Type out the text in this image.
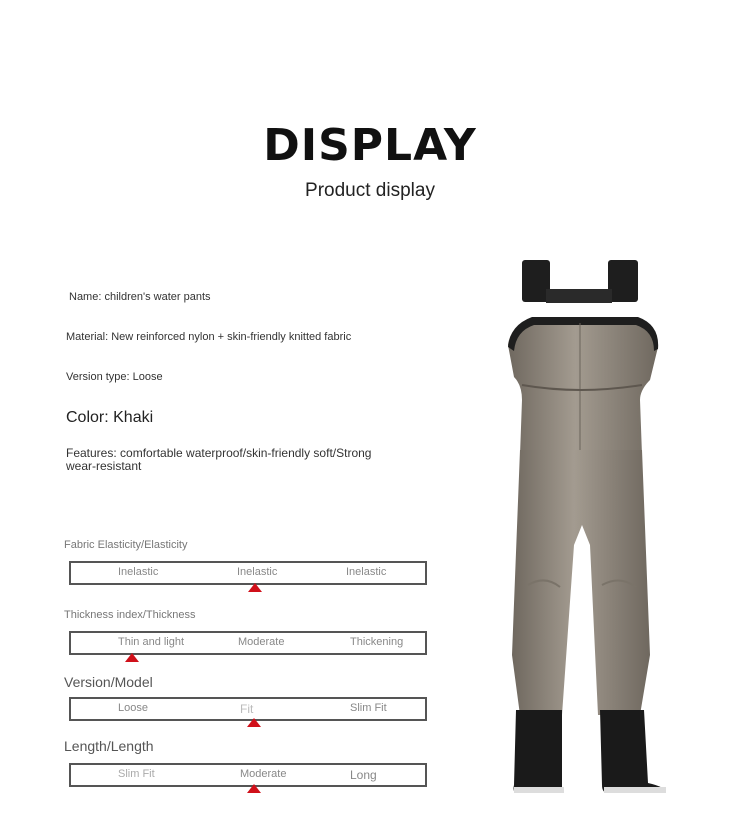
DISPLAY
Product display
Name: children's water pants
Material: New reinforced nylon + skin-friendly knitted fabric
Version type: Loose
Color: Khaki
Features: comfortable waterproof/skin-friendly soft/Strong wear-resistant
Fabric Elasticity/Elasticity
Inelastic	Inelastic	Inelastic
Thickness index/Thickness
Thin and light	Moderate	Thickening
Version/Model
Loose	Fit	Slim Fit
Length/Length
Slim Fit	Moderate	Long
